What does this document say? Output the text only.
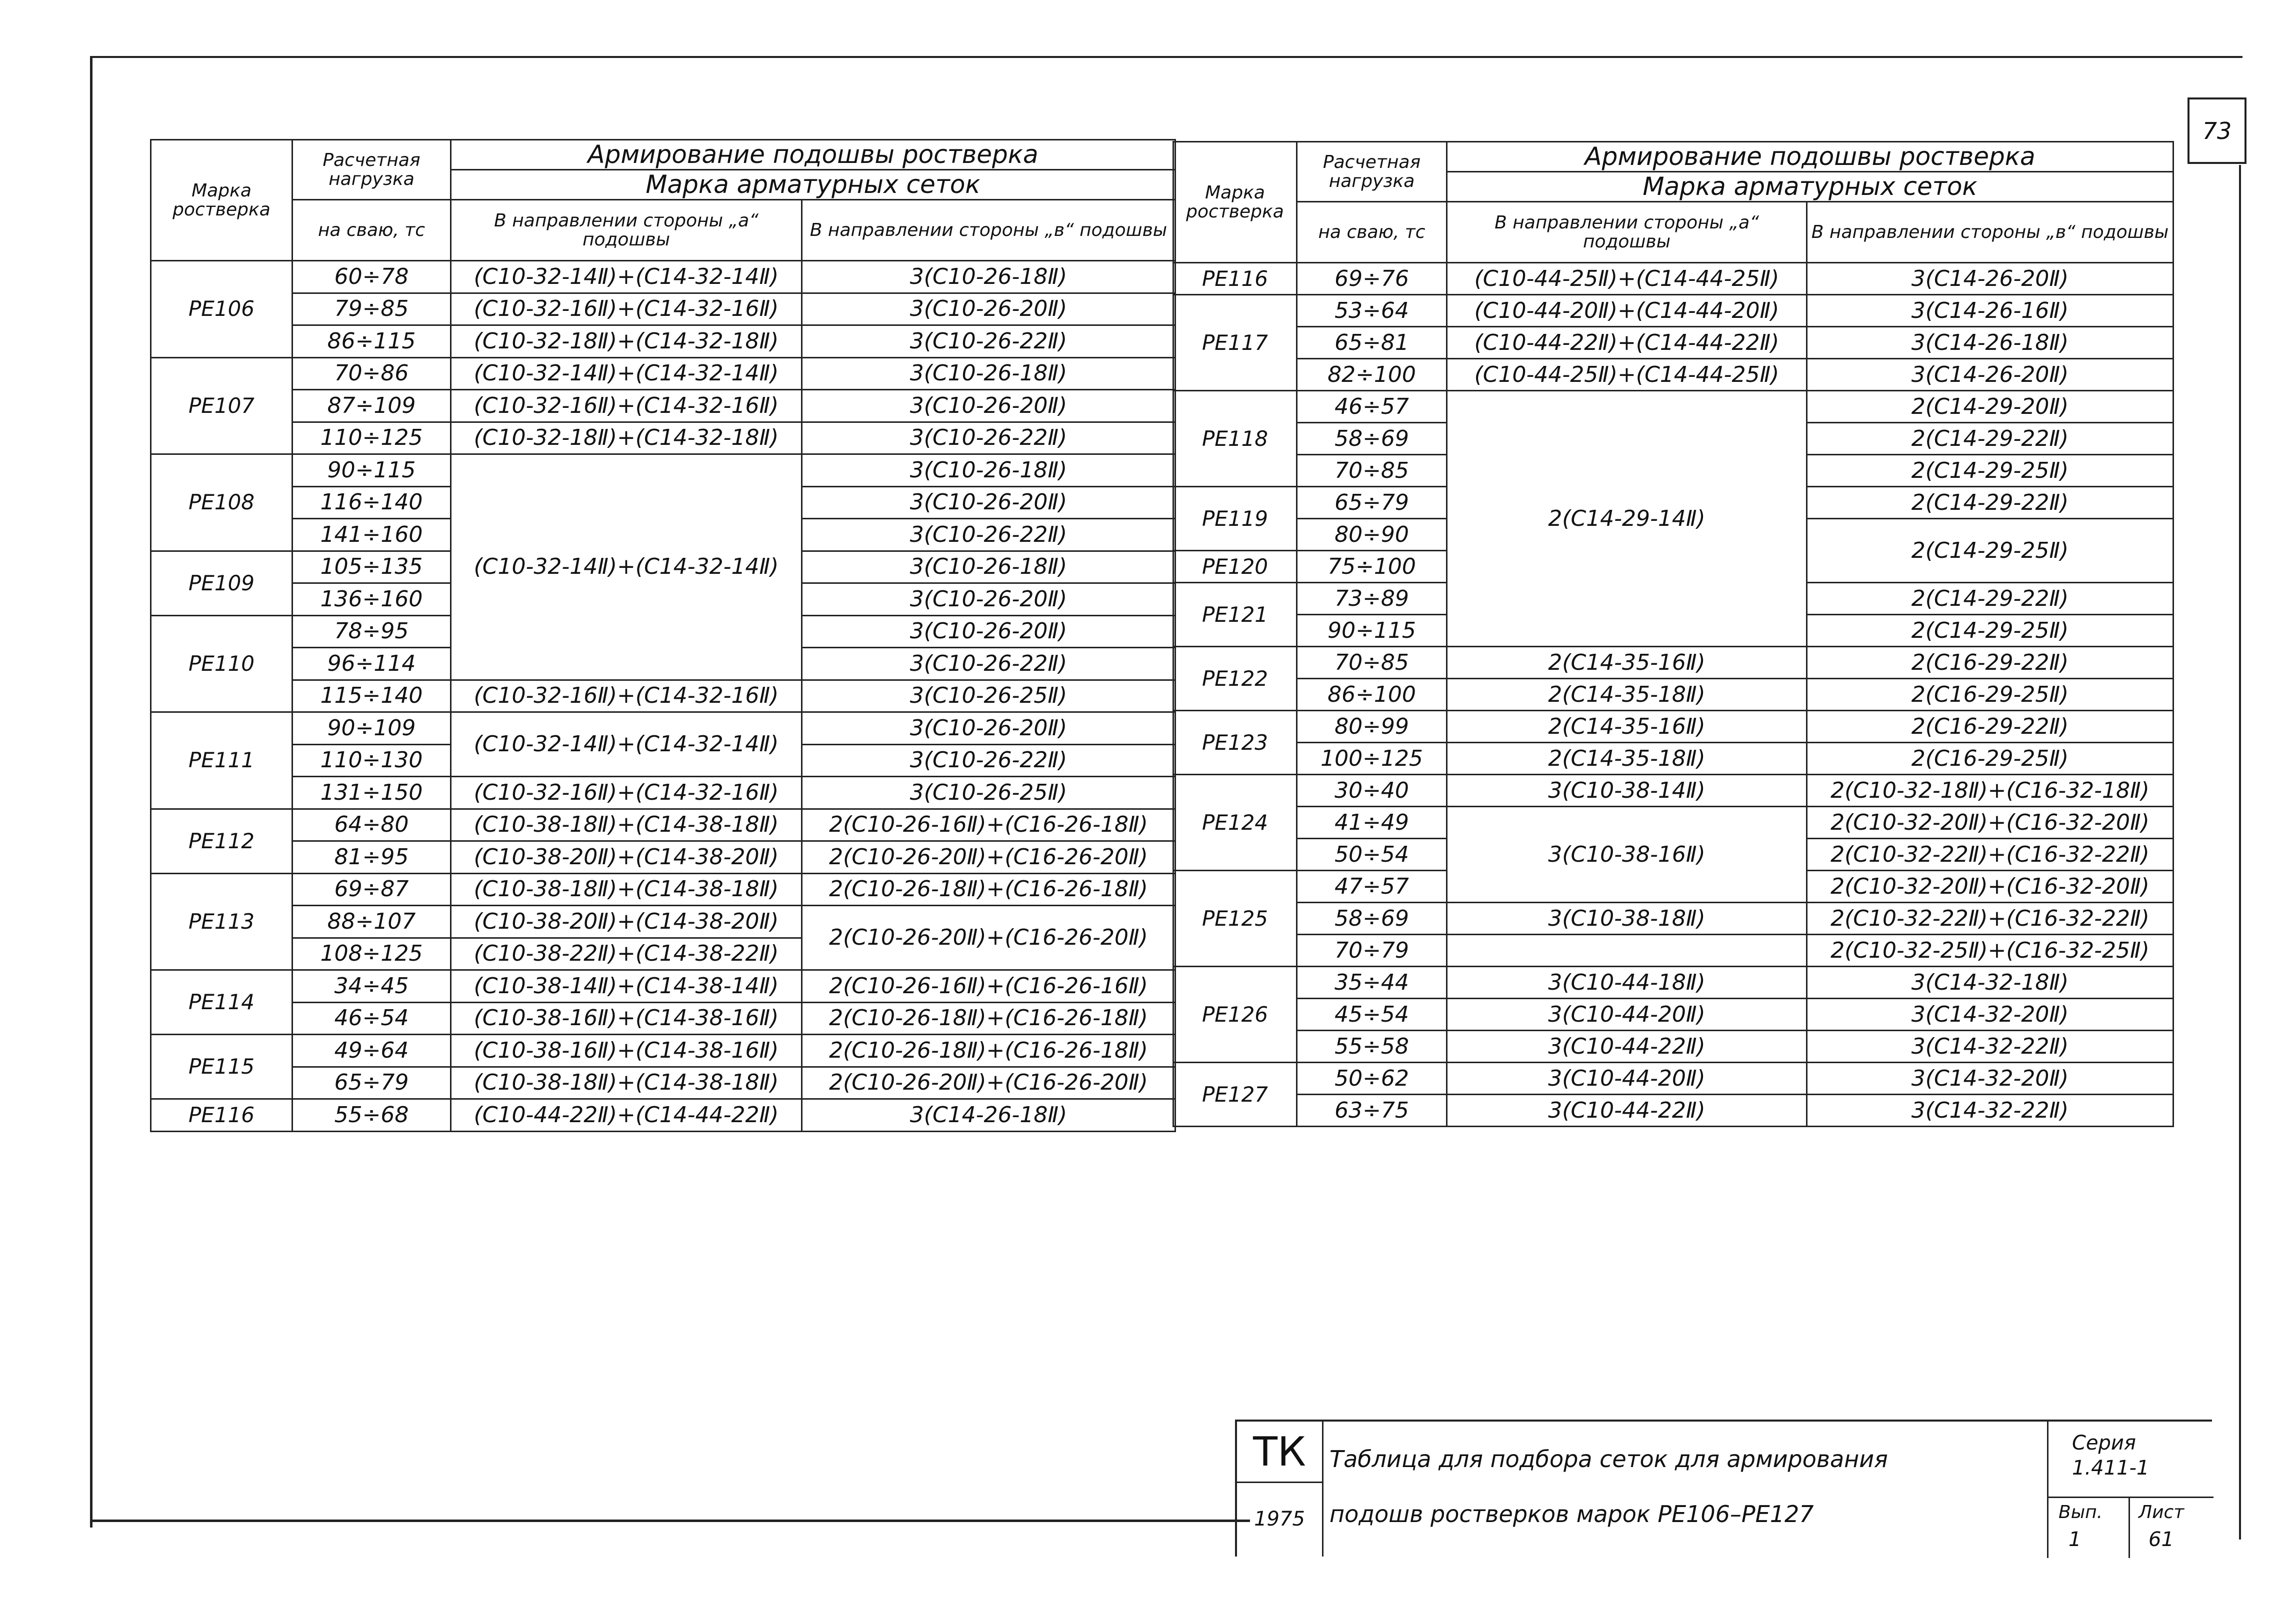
73
Марка ростверка	Расчетная нагрузка	Армирование подошвы ростверка	
		Марка арматурных сеток	
	на сваю, тс	В направлении стороны „а“ подошвы	В направлении стороны „в“ подошвы
РЕ106	60÷78	(С10-32-14Ⅱ)+(С14-32-14Ⅱ)	3(С10-26-18Ⅱ)
	79÷85	(С10-32-16Ⅱ)+(С14-32-16Ⅱ)	3(С10-26-20Ⅱ)
	86÷115	(С10-32-18Ⅱ)+(С14-32-18Ⅱ)	3(С10-26-22Ⅱ)
РЕ107	70÷86	(С10-32-14Ⅱ)+(С14-32-14Ⅱ)	3(С10-26-18Ⅱ)
	87÷109	(С10-32-16Ⅱ)+(С14-32-16Ⅱ)	3(С10-26-20Ⅱ)
	110÷125	(С10-32-18Ⅱ)+(С14-32-18Ⅱ)	3(С10-26-22Ⅱ)
РЕ108	90÷115	(С10-32-14Ⅱ)+(С14-32-14Ⅱ)	3(С10-26-18Ⅱ)
	116÷140		3(С10-26-20Ⅱ)
	141÷160		3(С10-26-22Ⅱ)
РЕ109	105÷135		3(С10-26-18Ⅱ)
	136÷160		3(С10-26-20Ⅱ)
РЕ110	78÷95		3(С10-26-20Ⅱ)
	96÷114		3(С10-26-22Ⅱ)
	115÷140	(С10-32-16Ⅱ)+(С14-32-16Ⅱ)	3(С10-26-25Ⅱ)
РЕ111	90÷109	(С10-32-14Ⅱ)+(С14-32-14Ⅱ)	3(С10-26-20Ⅱ)
	110÷130		3(С10-26-22Ⅱ)
	131÷150	(С10-32-16Ⅱ)+(С14-32-16Ⅱ)	3(С10-26-25Ⅱ)
РЕ112	64÷80	(С10-38-18Ⅱ)+(С14-38-18Ⅱ)	2(С10-26-16Ⅱ)+(С16-26-18Ⅱ)
	81÷95	(С10-38-20Ⅱ)+(С14-38-20Ⅱ)	2(С10-26-20Ⅱ)+(С16-26-20Ⅱ)
РЕ113	69÷87	(С10-38-18Ⅱ)+(С14-38-18Ⅱ)	2(С10-26-18Ⅱ)+(С16-26-18Ⅱ)
	88÷107	(С10-38-20Ⅱ)+(С14-38-20Ⅱ)	2(С10-26-20Ⅱ)+(С16-26-20Ⅱ)
	108÷125	(С10-38-22Ⅱ)+(С14-38-22Ⅱ)	
РЕ114	34÷45	(С10-38-14Ⅱ)+(С14-38-14Ⅱ)	2(С10-26-16Ⅱ)+(С16-26-16Ⅱ)
	46÷54	(С10-38-16Ⅱ)+(С14-38-16Ⅱ)	2(С10-26-18Ⅱ)+(С16-26-18Ⅱ)
РЕ115	49÷64	(С10-38-16Ⅱ)+(С14-38-16Ⅱ)	2(С10-26-18Ⅱ)+(С16-26-18Ⅱ)
	65÷79	(С10-38-18Ⅱ)+(С14-38-18Ⅱ)	2(С10-26-20Ⅱ)+(С16-26-20Ⅱ)
РЕ116	55÷68	(С10-44-22Ⅱ)+(С14-44-22Ⅱ)	3(С14-26-18Ⅱ)
Марка ростверка	Расчетная нагрузка	Армирование подошвы ростверка	
		Марка арматурных сеток	
	на сваю, тс	В направлении стороны „а“ подошвы	В направлении стороны „в“ подошвы
РЕ116	69÷76	(С10-44-25Ⅱ)+(С14-44-25Ⅱ)	3(С14-26-20Ⅱ)
РЕ117	53÷64	(С10-44-20Ⅱ)+(С14-44-20Ⅱ)	3(С14-26-16Ⅱ)
	65÷81	(С10-44-22Ⅱ)+(С14-44-22Ⅱ)	3(С14-26-18Ⅱ)
	82÷100	(С10-44-25Ⅱ)+(С14-44-25Ⅱ)	3(С14-26-20Ⅱ)
РЕ118	46÷57	2(С14-29-14Ⅱ)	2(С14-29-20Ⅱ)
	58÷69		2(С14-29-22Ⅱ)
	70÷85		2(С14-29-25Ⅱ)
РЕ119	65÷79		2(С14-29-22Ⅱ)
	80÷90		2(С14-29-25Ⅱ)
РЕ120	75÷100		
РЕ121	73÷89		2(С14-29-22Ⅱ)
	90÷115		2(С14-29-25Ⅱ)
РЕ122	70÷85	2(С14-35-16Ⅱ)	2(С16-29-22Ⅱ)
	86÷100	2(С14-35-18Ⅱ)	2(С16-29-25Ⅱ)
РЕ123	80÷99	2(С14-35-16Ⅱ)	2(С16-29-22Ⅱ)
	100÷125	2(С14-35-18Ⅱ)	2(С16-29-25Ⅱ)
РЕ124	30÷40	3(С10-38-14Ⅱ)	2(С10-32-18Ⅱ)+(С16-32-18Ⅱ)
	41÷49	3(С10-38-16Ⅱ)	2(С10-32-20Ⅱ)+(С16-32-20Ⅱ)
	50÷54		2(С10-32-22Ⅱ)+(С16-32-22Ⅱ)
РЕ125	47÷57		2(С10-32-20Ⅱ)+(С16-32-20Ⅱ)
	58÷69	3(С10-38-18Ⅱ)	2(С10-32-22Ⅱ)+(С16-32-22Ⅱ)
	70÷79		2(С10-32-25Ⅱ)+(С16-32-25Ⅱ)
РЕ126	35÷44	3(С10-44-18Ⅱ)	3(С14-32-18Ⅱ)
	45÷54	3(С10-44-20Ⅱ)	3(С14-32-20Ⅱ)
	55÷58	3(С10-44-22Ⅱ)	3(С14-32-22Ⅱ)
РЕ127	50÷62	3(С10-44-20Ⅱ)	3(С14-32-20Ⅱ)
	63÷75	3(С10-44-22Ⅱ)	3(С14-32-22Ⅱ)
ТК
1975
Таблица для подбора сеток для армирования
подошв ростверков марок РЕ106–РЕ127
Серия
1.411-1
Вып.
1
Лист
61
